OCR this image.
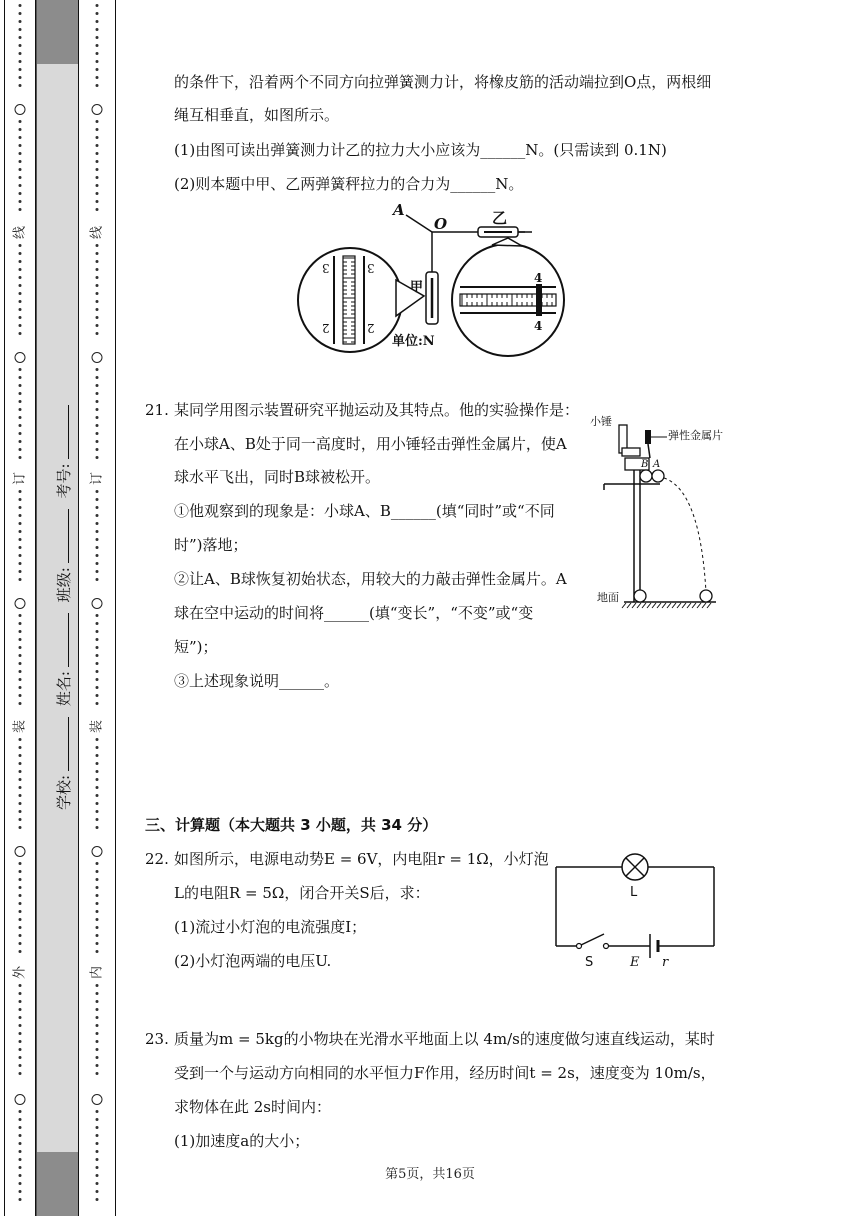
线
订
装
外
学校: 姓名: 班级: 考号:
线
订
装
内
的条件下，沿着两个不同方向拉弹簧测力计，将橡皮筋的活动端拉到O点，两根细
绳互相垂直，如图所示。
(1)由图可读出弹簧测力计乙的拉力大小应该为______N。(只需读到 0.1N)
(2)则本题中甲、乙两弹簧秤拉力的合力为______N。
A
O	乙
甲
单位:N
3	3
2	2
4
4
21. 某同学用图示装置研究平抛运动及其特点。他的实验操作是：
在小球A、B处于同一高度时，用小锤轻击弹性金属片，使A
球水平飞出，同时B球被松开。
①他观察到的现象是：小球A、B______(填“同时”或“不同
时”)落地；
②让A、B球恢复初始状态，用较大的力敲击弹性金属片。A
球在空中运动的时间将______(填“变长”，“不变”或“变
短”)；
③上述现象说明______。
小锤
弹性金属片
B A
地面
三、计算题（本大题共 3 小题，共 34 分）
22. 如图所示，电源电动势E = 6V，内电阻r = 1Ω，小灯泡
L的电阻R = 5Ω，闭合开关S后，求：
(1)流过小灯泡的电流强度I；
(2)小灯泡两端的电压U.
L
S	E r
23. 质量为m = 5kg的小物块在光滑水平地面上以 4m/s的速度做匀速直线运动，某时
受到一个与运动方向相同的水平恒力F作用，经历时间t = 2s，速度变为 10m/s，
求物体在此 2s时间内：
(1)加速度a的大小；
第5页，共16页
